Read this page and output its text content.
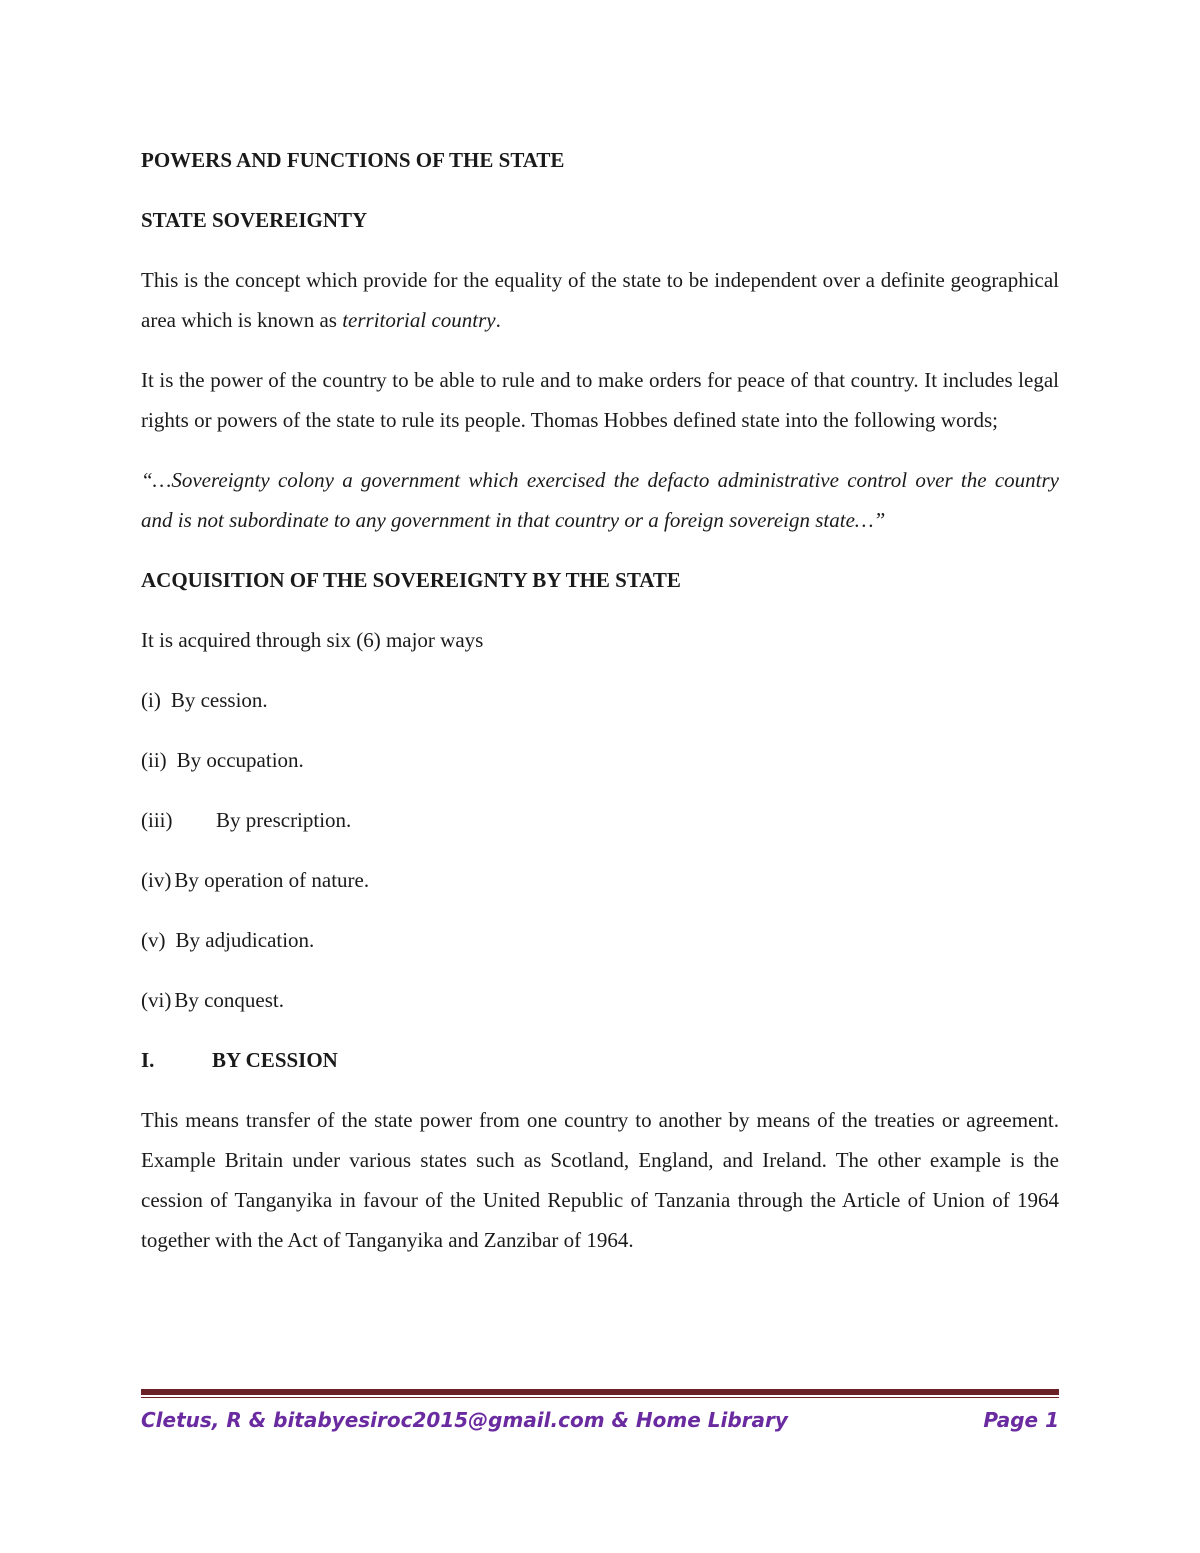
POWERS AND FUNCTIONS OF THE STATE
STATE SOVEREIGNTY
This is the concept which provide for the equality of the state to be independent over a definite geographical area which is known as territorial country.
It is the power of the country to be able to rule and to make orders for peace of that country. It includes legal rights or powers of the state to rule its people. Thomas Hobbes defined state into the following words;
“…Sovereignty colony a government which exercised the defacto administrative control over the country and is not subordinate to any government in that country or a foreign sovereign state…”
ACQUISITION OF THE SOVEREIGNTY BY THE STATE
It is acquired through six (6) major ways
(i) By cession.
(ii) By occupation.
(iii)	By prescription.
(iv) By operation of nature.
(v) By adjudication.
(vi) By conquest.
I.	BY CESSION
This means transfer of the state power from one country to another by means of the treaties or agreement. Example Britain under various states such as Scotland, England, and Ireland. The other example is the cession of Tanganyika in favour of the United Republic of Tanzania through the Article of Union of 1964 together with the Act of Tanganyika and Zanzibar of 1964.
Cletus, R & bitabyesiroc2015@gmail.com & Home Library	Page 1
